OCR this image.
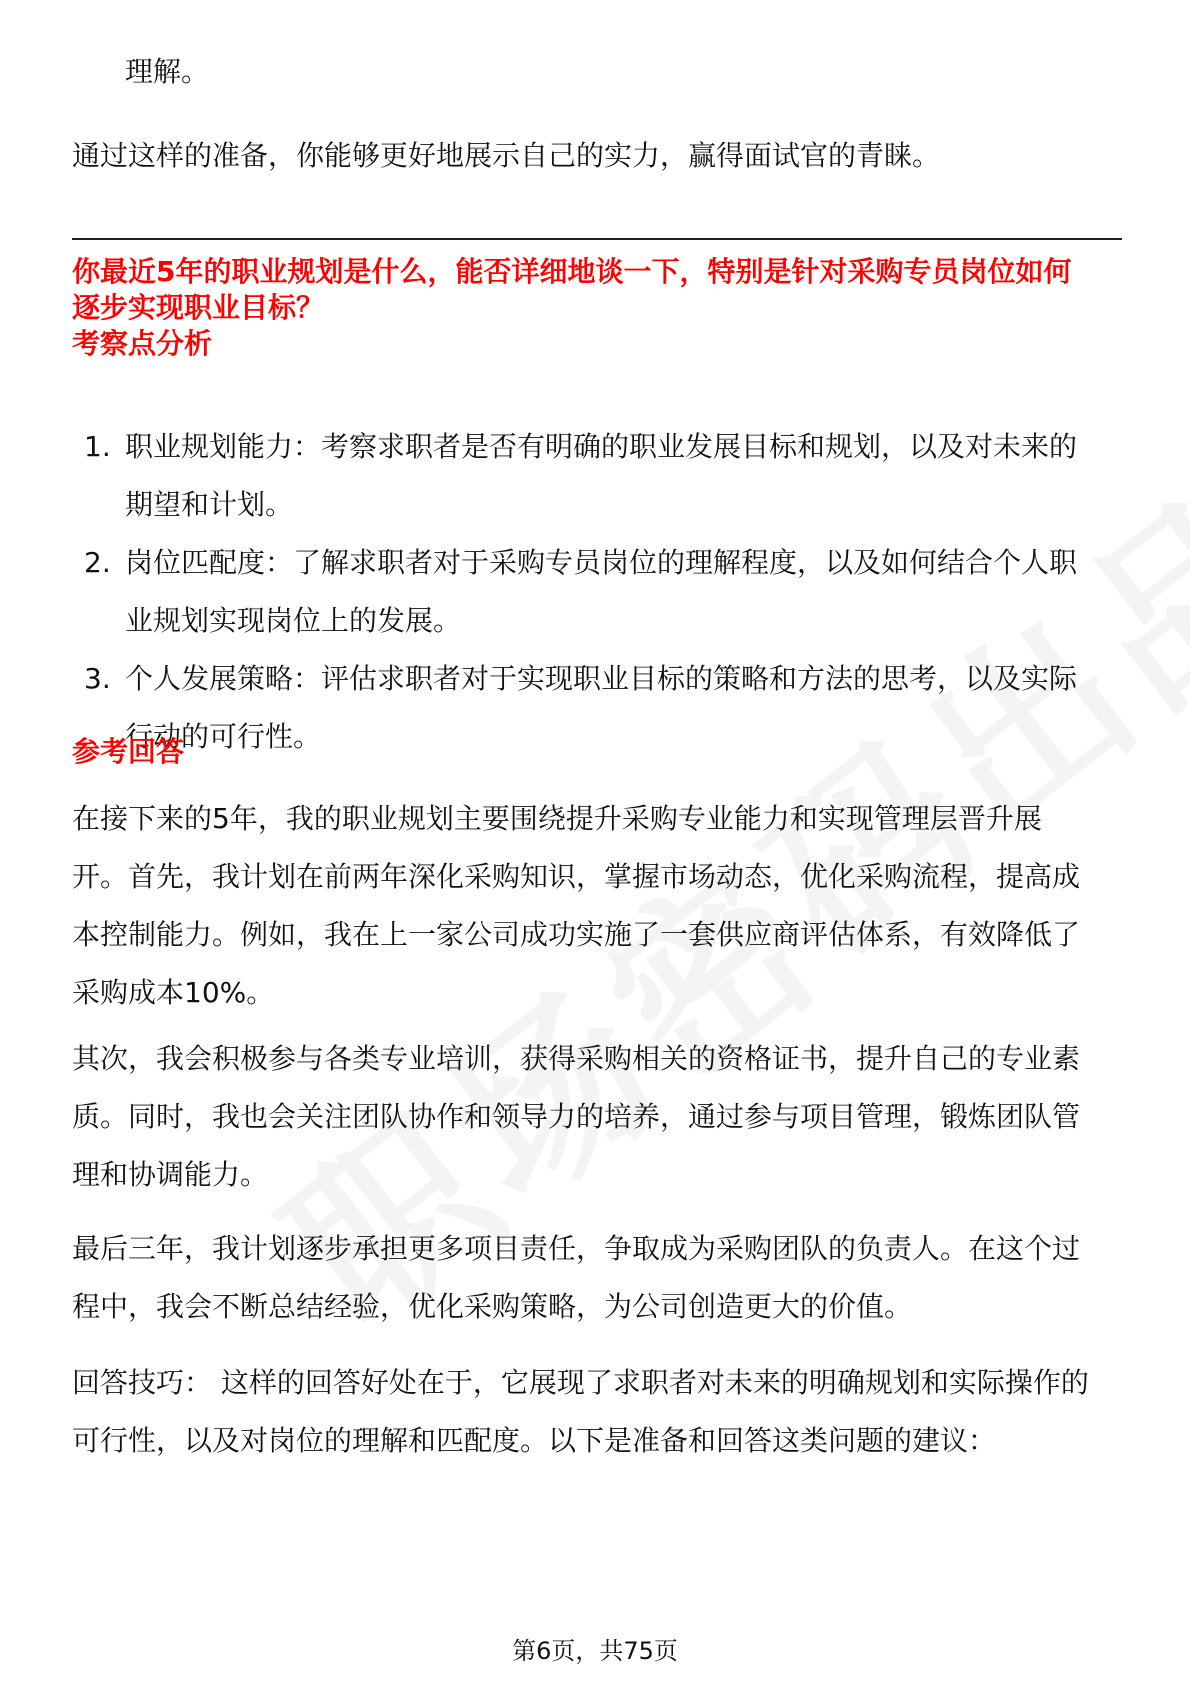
理解。
通过这样的准备，你能够更好地展示自己的实力，赢得面试官的青睐。
你最近5年的职业规划是什么，能否详细地谈一下，特别是针对采购专员岗位如何
逐步实现职业目标？
考察点分析
1. 职业规划能力：考察求职者是否有明确的职业发展目标和规划，以及对未来的
期望和计划。
2. 岗位匹配度：了解求职者对于采购专员岗位的理解程度，以及如何结合个人职
业规划实现岗位上的发展。
3. 个人发展策略：评估求职者对于实现职业目标的策略和方法的思考，以及实际
行动的可行性。
参考回答
在接下来的5年，我的职业规划主要围绕提升采购专业能力和实现管理层晋升展
开。首先，我计划在前两年深化采购知识，掌握市场动态，优化采购流程，提高成
本控制能力。例如，我在上一家公司成功实施了一套供应商评估体系，有效降低了
采购成本10%。
其次，我会积极参与各类专业培训，获得采购相关的资格证书，提升自己的专业素
质。同时，我也会关注团队协作和领导力的培养，通过参与项目管理，锻炼团队管
理和协调能力。
最后三年，我计划逐步承担更多项目责任，争取成为采购团队的负责人。在这个过
程中，我会不断总结经验，优化采购策略，为公司创造更大的价值。
回答技巧： 这样的回答好处在于，它展现了求职者对未来的明确规划和实际操作的
可行性，以及对岗位的理解和匹配度。以下是准备和回答这类问题的建议：
第6页，共75页
